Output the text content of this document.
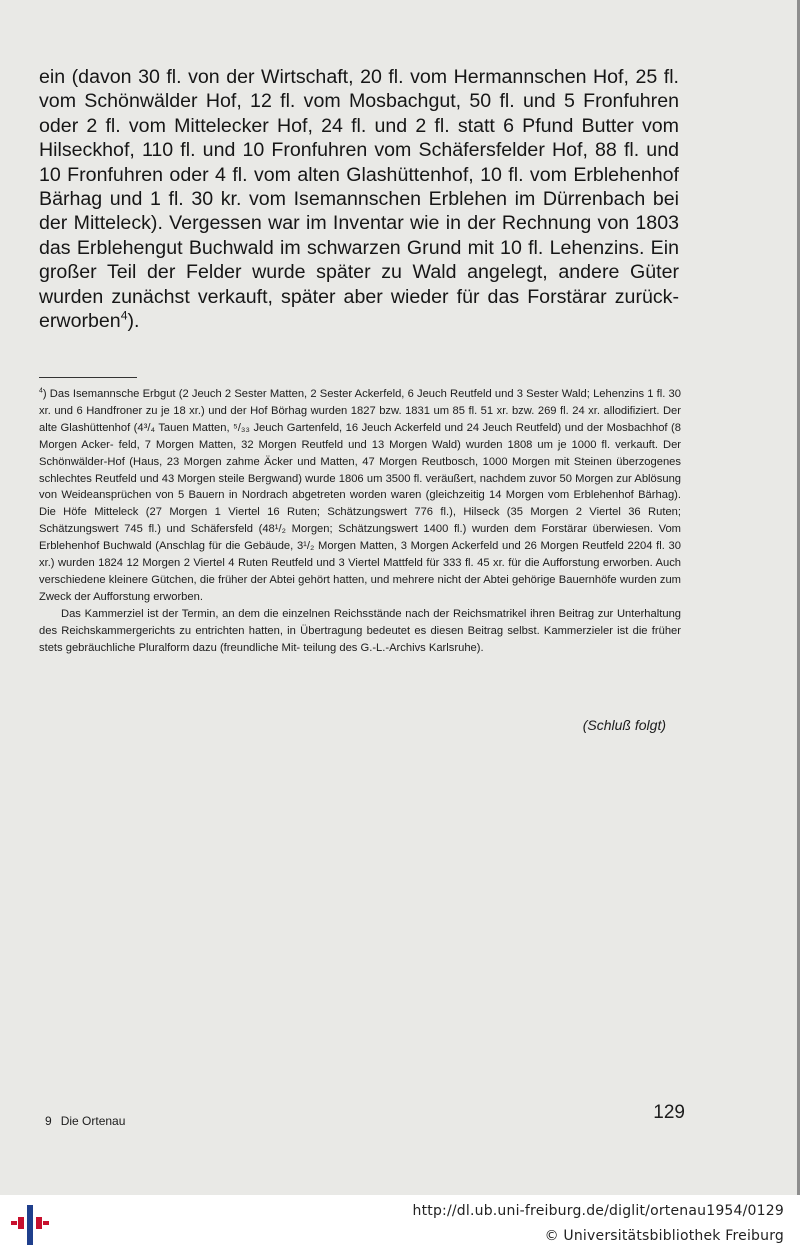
ein (davon 30 fl. von der Wirtschaft, 20 fl. vom Hermannschen Hof, 25 fl. vom Schönwälder Hof, 12 fl. vom Mosbachgut, 50 fl. und 5 Fronfuhren oder 2 fl. vom Mittelecker Hof, 24 fl. und 2 fl. statt 6 Pfund Butter vom Hilseckhof, 110 fl. und 10 Fronfuhren vom Schäfersfelder Hof, 88 fl. und 10 Fronfuhren oder 4 fl. vom alten Glashüttenhof, 10 fl. vom Erblehenhof Bärhag und 1 fl. 30 kr. vom Isemannschen Erblehen im Dürrenbach bei der Mitteleck). Vergessen war im Inventar wie in der Rechnung von 1803 das Erblehengut Buchwald im schwarzen Grund mit 10 fl. Lehenzins. Ein großer Teil der Felder wurde später zu Wald angelegt, andere Güter wurden zunächst verkauft, später aber wieder für das Forstärar zurück- erworben$^4$).

$^4$) Das Isemannsche Erbgut (2 Jeuch 2 Sester Matten, 2 Sester Ackerfeld, 6 Jeuch Reutfeld und 3 Sester Wald; Lehenzins 1 fl. 30 xr. und 6 Handfroner zu je 18 xr.) und der Hof Börhag wurden 1827 bzw. 1831 um 85 fl. 51 xr. bzw. 269 fl. 24 xr. allodifiziert. Der alte Glashüttenhof (4³/₄ Tauen Matten, ⁵/₃₃ Jeuch Gartenfeld, 16 Jeuch Ackerfeld und 24 Jeuch Reutfeld) und der Mosbachhof (8 Morgen Acker- feld, 7 Morgen Matten, 32 Morgen Reutfeld und 13 Morgen Wald) wurden 1808 um je 1000 fl. verkauft. Der Schönwälder-Hof (Haus, 23 Morgen zahme Äcker und Matten, 47 Morgen Reutbosch, 1000 Morgen mit Steinen überzogenes schlechtes Reutfeld und 43 Morgen steile Bergwand) wurde 1806 um 3500 fl. veräußert, nachdem zuvor 50 Morgen zur Ablösung von Weideansprüchen von 5 Bauern in Nordrach abgetreten worden waren (gleichzeitig 14 Morgen vom Erblehenhof Bärhag). Die Höfe Mitteleck (27 Morgen 1 Viertel 16 Ruten; Schätzungswert 776 fl.), Hilseck (35 Morgen 2 Viertel 36 Ruten; Schätzungswert 745 fl.) und Schäfersfeld (48¹/₂ Morgen; Schätzungswert 1400 fl.) wurden dem Forstärar überwiesen. Vom Erblehenhof Buchwald (Anschlag für die Gebäude, 3¹/₂ Morgen Matten, 3 Morgen Ackerfeld und 26 Morgen Reutfeld 2204 fl. 30 xr.) wurden 1824 12 Morgen 2 Viertel 4 Ruten Reutfeld und 3 Viertel Mattfeld für 333 fl. 45 xr. für die Aufforstung erworben. Auch verschiedene kleinere Gütchen, die früher der Abtei gehört hatten, und mehrere nicht der Abtei gehörige Bauernhöfe wurden zum Zweck der Aufforstung erworben.

Das Kammerziel ist der Termin, an dem die einzelnen Reichsstände nach der Reichsmatrikel ihren Beitrag zur Unterhaltung des Reichskammergerichts zu entrichten hatten, in Übertragung bedeutet es diesen Beitrag selbst. Kammerzieler ist die früher stets gebräuchliche Pluralform dazu (freundliche Mit- teilung des G.-L.-Archivs Karlsruhe).

(Schluß folgt)
9 Die Ortenau	129
http://dl.ub.uni-freiburg.de/diglit/ortenau1954/0129
© Universitätsbibliothek Freiburg
